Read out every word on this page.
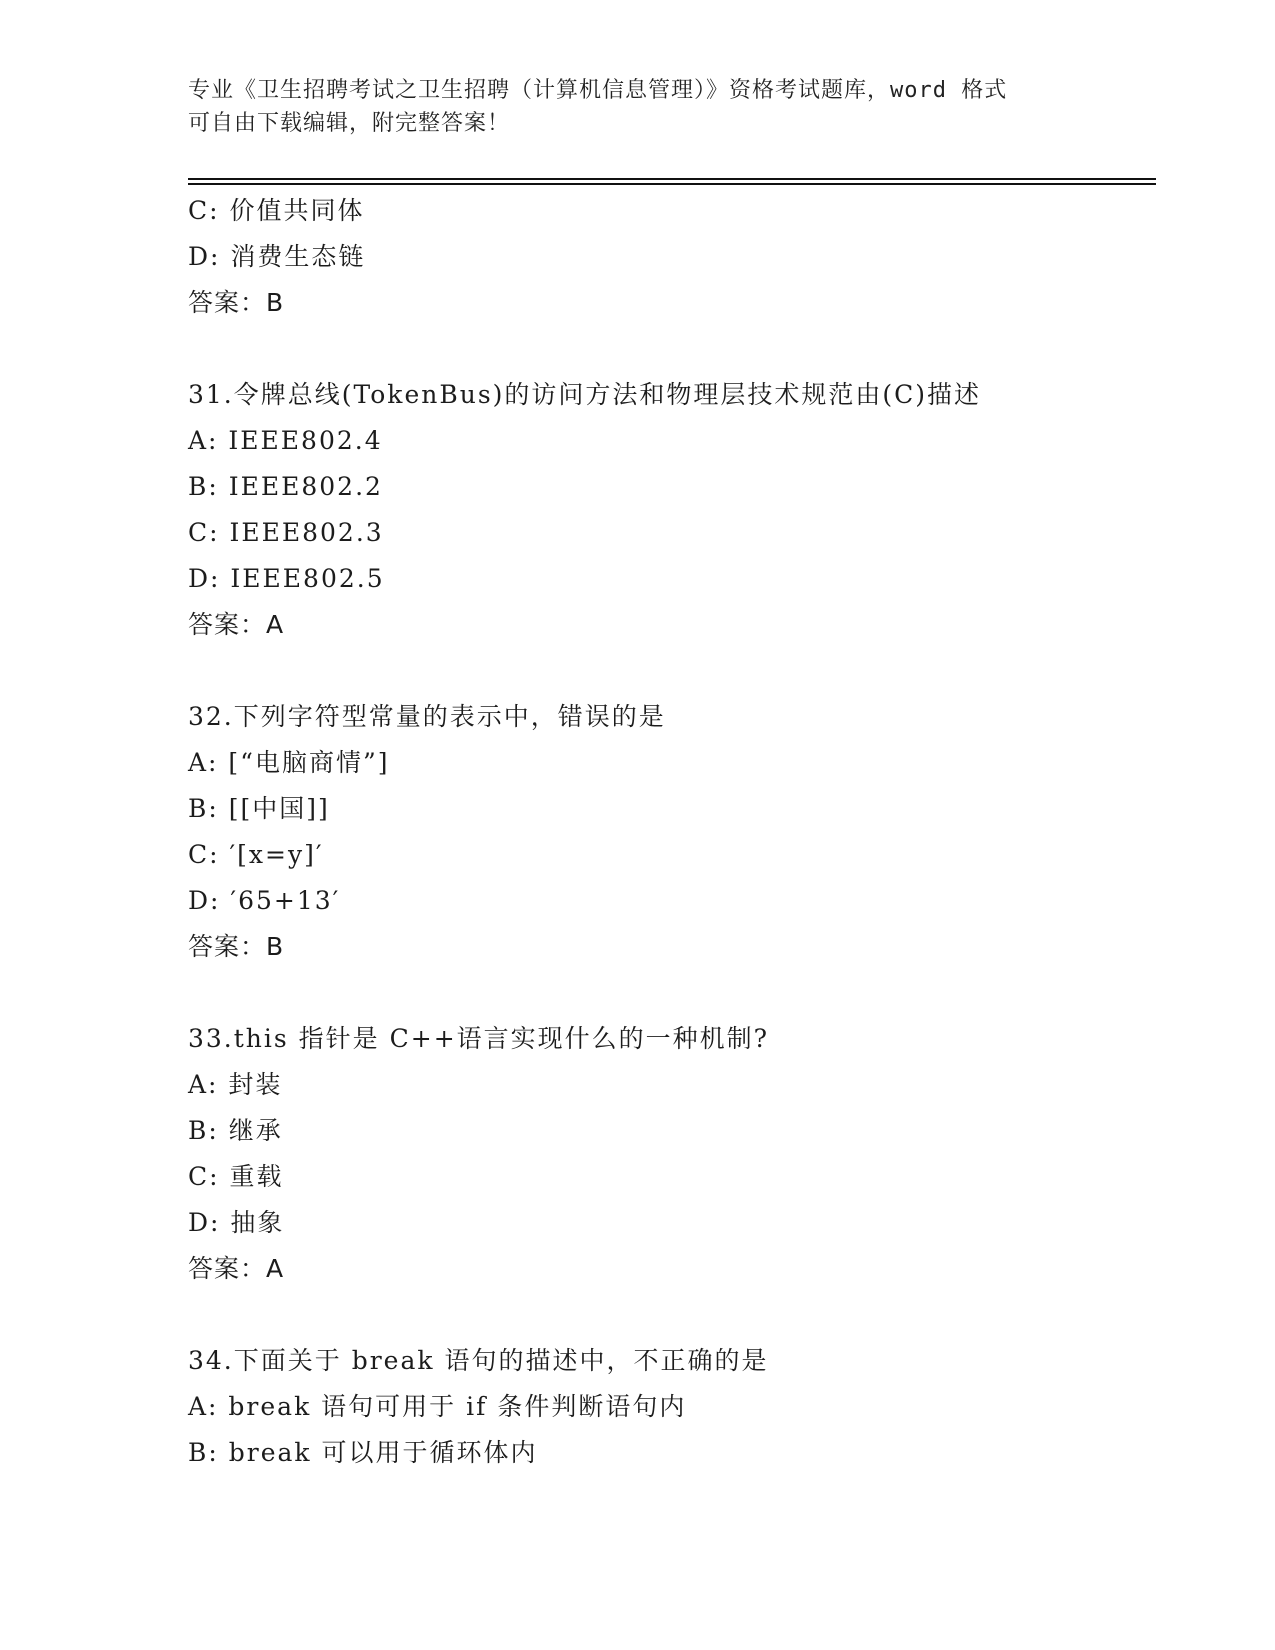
专业《卫生招聘考试之卫生招聘（计算机信息管理）》资格考试题库，word 格式
可自由下载编辑，附完整答案！
C: 价值共同体
D: 消费生态链
答案：B
31.令牌总线(TokenBus)的访问方法和物理层技术规范由(C)描述
A: IEEE802.4
B: IEEE802.2
C: IEEE802.3
D: IEEE802.5
答案：A
32.下列字符型常量的表示中，错误的是
A: [“电脑商情”]
B: [[中国]]
C: ′[x=y]′
D: ′65+13′
答案：B
33.this 指针是 C++语言实现什么的一种机制?
A: 封装
B: 继承
C: 重载
D: 抽象
答案：A
34.下面关于 break 语句的描述中，不正确的是
A: break 语句可用于 if 条件判断语句内
B: break 可以用于循环体内
